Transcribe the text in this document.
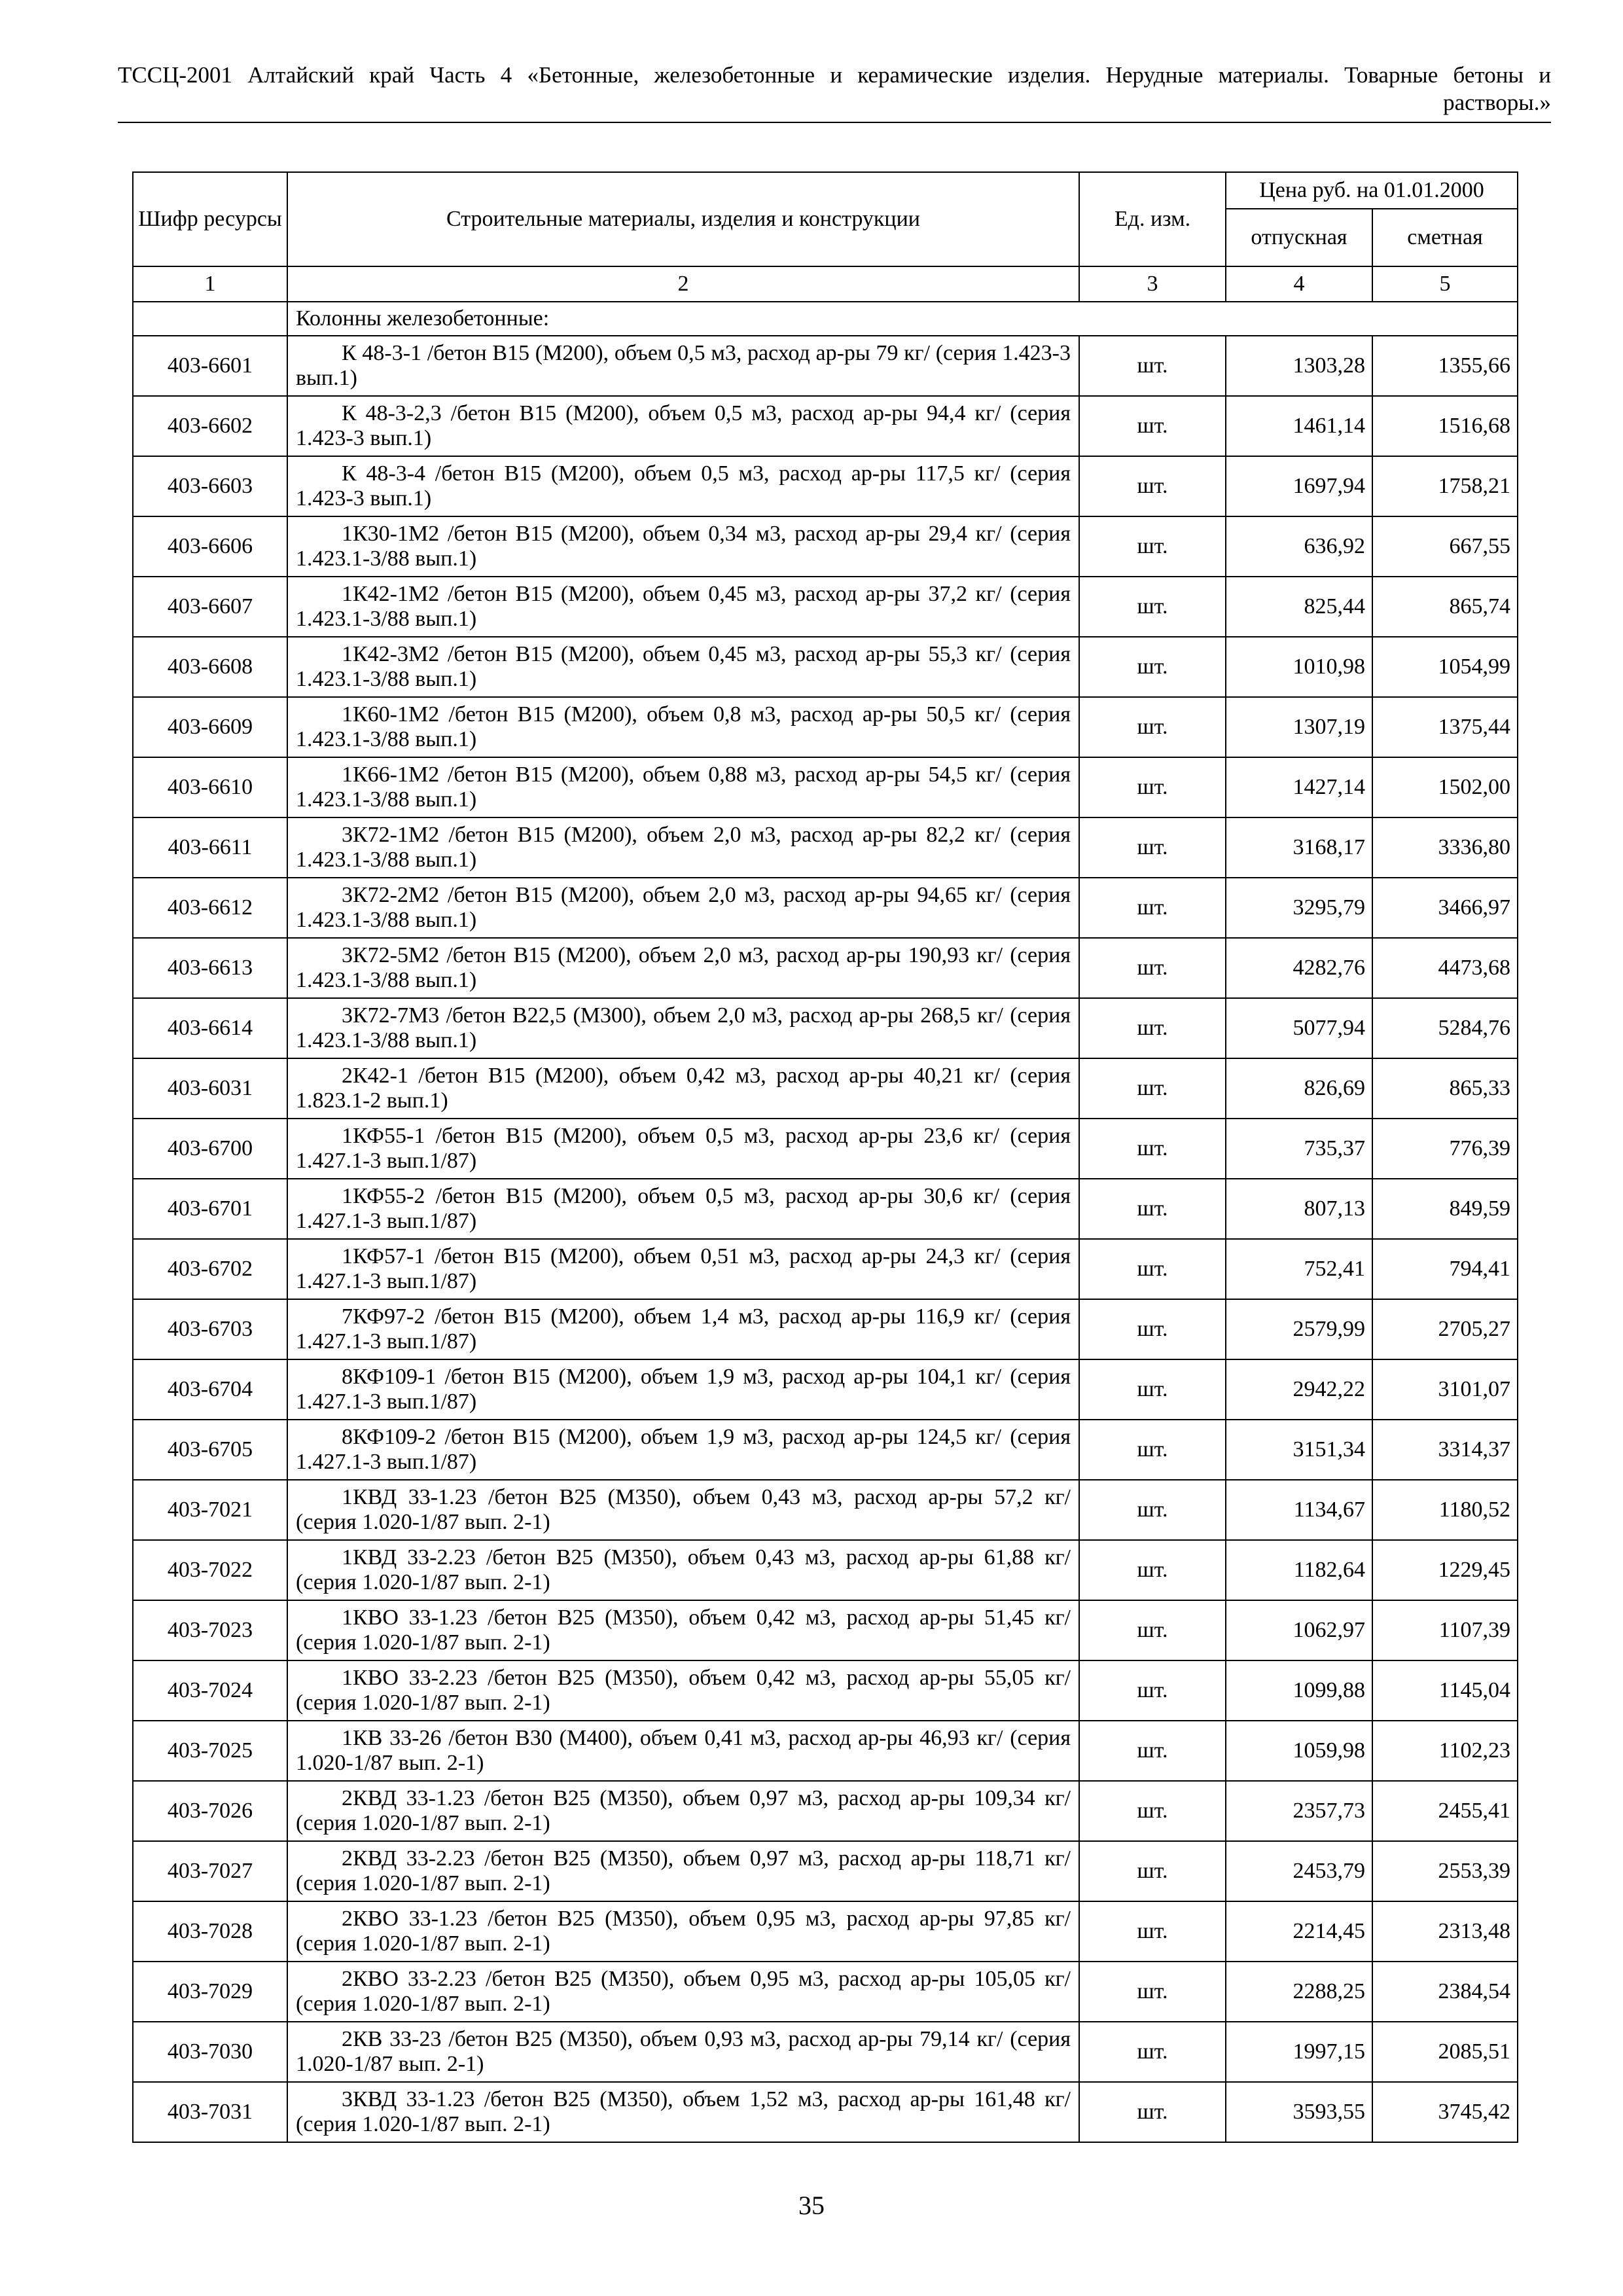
ТССЦ-2001 Алтайский край Часть 4 «Бетонные, железобетонные и керамические изделия. Нерудные материалы. Товарные бетоны и
растворы.»
Шифр ресурсы	Строительные материалы, изделия и конструкции	Ед. изм.	Цена руб. на 01.01.2000	
			отпускная	сметная
1	2	3	4	5
	Колонны железобетонные:			
403-6601	К 48-3-1 /бетон В15 (М200), объем 0,5 м3, расход ар-ры 79 кг/ (серия 1.423-3 вып.1)	шт.	1303,28	1355,66
403-6602	К 48-3-2,3 /бетон В15 (М200), объем 0,5 м3, расход ар-ры 94,4 кг/ (серия 1.423-3 вып.1)	шт.	1461,14	1516,68
403-6603	К 48-3-4 /бетон В15 (М200), объем 0,5 м3, расход ар-ры 117,5 кг/ (серия 1.423-3 вып.1)	шт.	1697,94	1758,21
403-6606	1К30-1М2 /бетон В15 (М200), объем 0,34 м3, расход ар-ры 29,4 кг/ (серия 1.423.1-3/88 вып.1)	шт.	636,92	667,55
403-6607	1К42-1М2 /бетон В15 (М200), объем 0,45 м3, расход ар-ры 37,2 кг/ (серия 1.423.1-3/88 вып.1)	шт.	825,44	865,74
403-6608	1К42-3М2 /бетон В15 (М200), объем 0,45 м3, расход ар-ры 55,3 кг/ (серия 1.423.1-3/88 вып.1)	шт.	1010,98	1054,99
403-6609	1К60-1М2 /бетон В15 (М200), объем 0,8 м3, расход ар-ры 50,5 кг/ (серия 1.423.1-3/88 вып.1)	шт.	1307,19	1375,44
403-6610	1К66-1М2 /бетон В15 (М200), объем 0,88 м3, расход ар-ры 54,5 кг/ (серия 1.423.1-3/88 вып.1)	шт.	1427,14	1502,00
403-6611	3К72-1М2 /бетон В15 (М200), объем 2,0 м3, расход ар-ры 82,2 кг/ (серия 1.423.1-3/88 вып.1)	шт.	3168,17	3336,80
403-6612	3К72-2М2 /бетон В15 (М200), объем 2,0 м3, расход ар-ры 94,65 кг/ (серия 1.423.1-3/88 вып.1)	шт.	3295,79	3466,97
403-6613	3К72-5М2 /бетон В15 (М200), объем 2,0 м3, расход ар-ры 190,93 кг/ (серия 1.423.1-3/88 вып.1)	шт.	4282,76	4473,68
403-6614	3К72-7М3 /бетон В22,5 (М300), объем 2,0 м3, расход ар-ры 268,5 кг/ (серия 1.423.1-3/88 вып.1)	шт.	5077,94	5284,76
403-6031	2К42-1 /бетон В15 (М200), объем 0,42 м3, расход ар-ры 40,21 кг/ (серия 1.823.1-2 вып.1)	шт.	826,69	865,33
403-6700	1КФ55-1 /бетон В15 (М200), объем 0,5 м3, расход ар-ры 23,6 кг/ (серия 1.427.1-3 вып.1/87)	шт.	735,37	776,39
403-6701	1КФ55-2 /бетон В15 (М200), объем 0,5 м3, расход ар-ры 30,6 кг/ (серия 1.427.1-3 вып.1/87)	шт.	807,13	849,59
403-6702	1КФ57-1 /бетон В15 (М200), объем 0,51 м3, расход ар-ры 24,3 кг/ (серия 1.427.1-3 вып.1/87)	шт.	752,41	794,41
403-6703	7КФ97-2 /бетон В15 (М200), объем 1,4 м3, расход ар-ры 116,9 кг/ (серия 1.427.1-3 вып.1/87)	шт.	2579,99	2705,27
403-6704	8КФ109-1 /бетон В15 (М200), объем 1,9 м3, расход ар-ры 104,1 кг/ (серия 1.427.1-3 вып.1/87)	шт.	2942,22	3101,07
403-6705	8КФ109-2 /бетон В15 (М200), объем 1,9 м3, расход ар-ры 124,5 кг/ (серия 1.427.1-3 вып.1/87)	шт.	3151,34	3314,37
403-7021	1КВД 33-1.23 /бетон В25 (М350), объем 0,43 м3, расход ар-ры 57,2 кг/ (серия 1.020-1/87 вып. 2-1)	шт.	1134,67	1180,52
403-7022	1КВД 33-2.23 /бетон В25 (М350), объем 0,43 м3, расход ар-ры 61,88 кг/ (серия 1.020-1/87 вып. 2-1)	шт.	1182,64	1229,45
403-7023	1КВО 33-1.23 /бетон В25 (М350), объем 0,42 м3, расход ар-ры 51,45 кг/ (серия 1.020-1/87 вып. 2-1)	шт.	1062,97	1107,39
403-7024	1КВО 33-2.23 /бетон В25 (М350), объем 0,42 м3, расход ар-ры 55,05 кг/ (серия 1.020-1/87 вып. 2-1)	шт.	1099,88	1145,04
403-7025	1КВ 33-26 /бетон В30 (М400), объем 0,41 м3, расход ар-ры 46,93 кг/ (серия 1.020-1/87 вып. 2-1)	шт.	1059,98	1102,23
403-7026	2КВД 33-1.23 /бетон В25 (М350), объем 0,97 м3, расход ар-ры 109,34 кг/ (серия 1.020-1/87 вып. 2-1)	шт.	2357,73	2455,41
403-7027	2КВД 33-2.23 /бетон В25 (М350), объем 0,97 м3, расход ар-ры 118,71 кг/ (серия 1.020-1/87 вып. 2-1)	шт.	2453,79	2553,39
403-7028	2КВО 33-1.23 /бетон В25 (М350), объем 0,95 м3, расход ар-ры 97,85 кг/ (серия 1.020-1/87 вып. 2-1)	шт.	2214,45	2313,48
403-7029	2КВО 33-2.23 /бетон В25 (М350), объем 0,95 м3, расход ар-ры 105,05 кг/ (серия 1.020-1/87 вып. 2-1)	шт.	2288,25	2384,54
403-7030	2КВ 33-23 /бетон В25 (М350), объем 0,93 м3, расход ар-ры 79,14 кг/ (серия 1.020-1/87 вып. 2-1)	шт.	1997,15	2085,51
403-7031	3КВД 33-1.23 /бетон В25 (М350), объем 1,52 м3, расход ар-ры 161,48 кг/ (серия 1.020-1/87 вып. 2-1)	шт.	3593,55	3745,42
35
